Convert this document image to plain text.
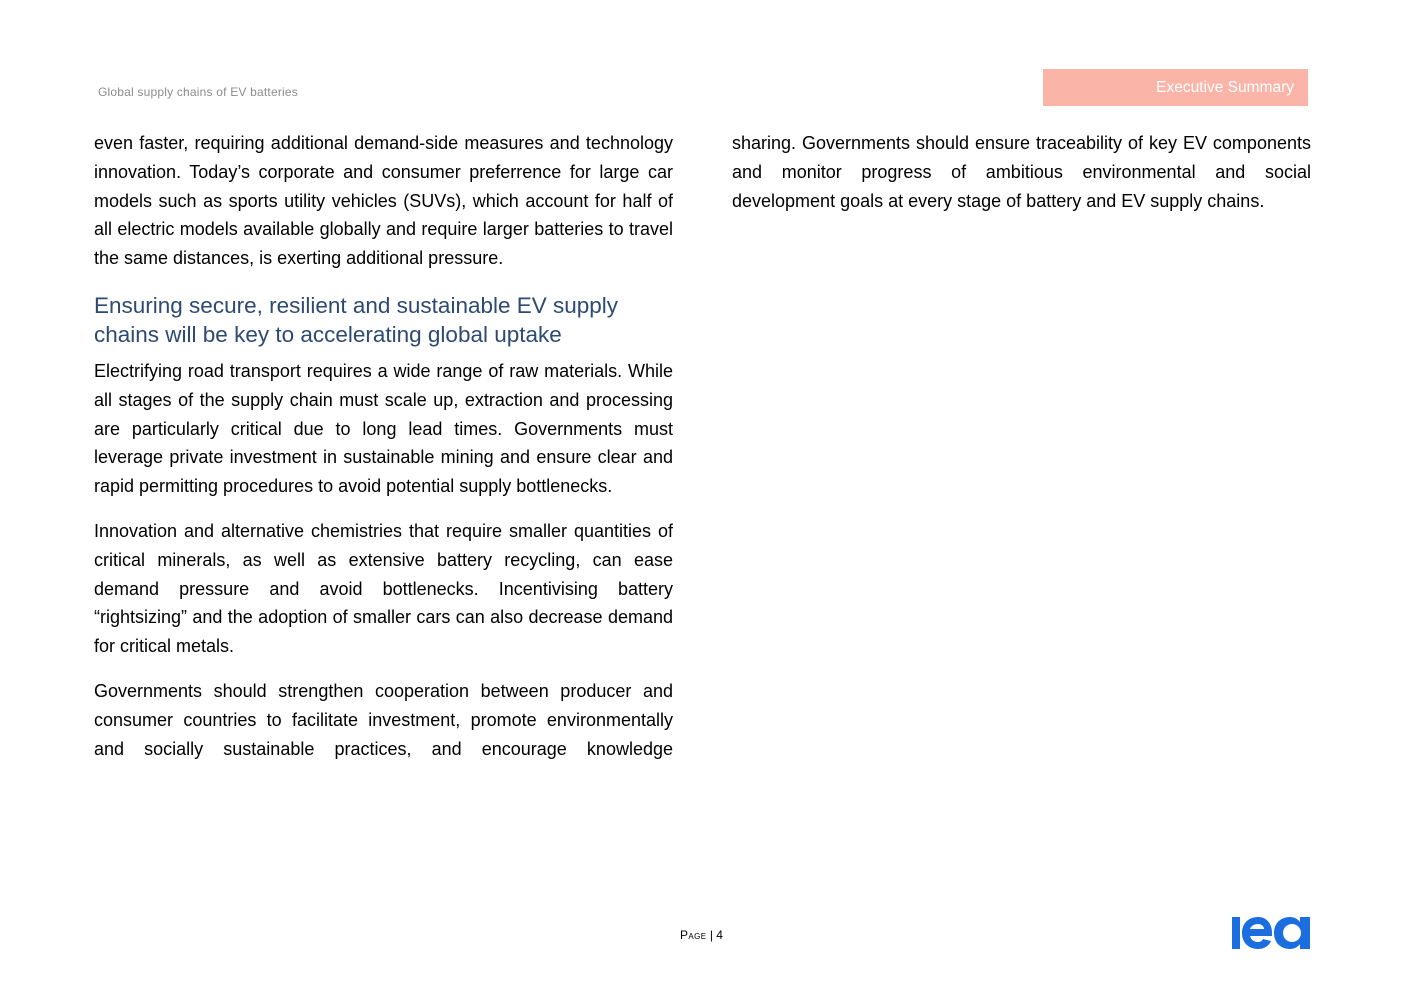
Global supply chains of EV batteries	Executive Summary

even faster, requiring additional demand-side measures and technology innovation. Today’s corporate and consumer preferrence for large car models such as sports utility vehicles (SUVs), which account for half of all electric models available globally and require larger batteries to travel the same distances, is exerting additional pressure.

Ensuring secure, resilient and sustainable EV supply chains will be key to accelerating global uptake

Electrifying road transport requires a wide range of raw materials. While all stages of the supply chain must scale up, extraction and processing are particularly critical due to long lead times. Governments must leverage private investment in sustainable mining and ensure clear and rapid permitting procedures to avoid potential supply bottlenecks.

Innovation and alternative chemistries that require smaller quantities of critical minerals, as well as extensive battery recycling, can ease demand pressure and avoid bottlenecks. Incentivising battery “rightsizing” and the adoption of smaller cars can also decrease demand for critical metals.

Governments should strengthen cooperation between producer and consumer countries to facilitate investment, promote environmentally and socially sustainable practices, and encourage knowledge

sharing. Governments should ensure traceability of key EV components and monitor progress of ambitious environmental and social development goals at every stage of battery and EV supply chains.

Page | 4
